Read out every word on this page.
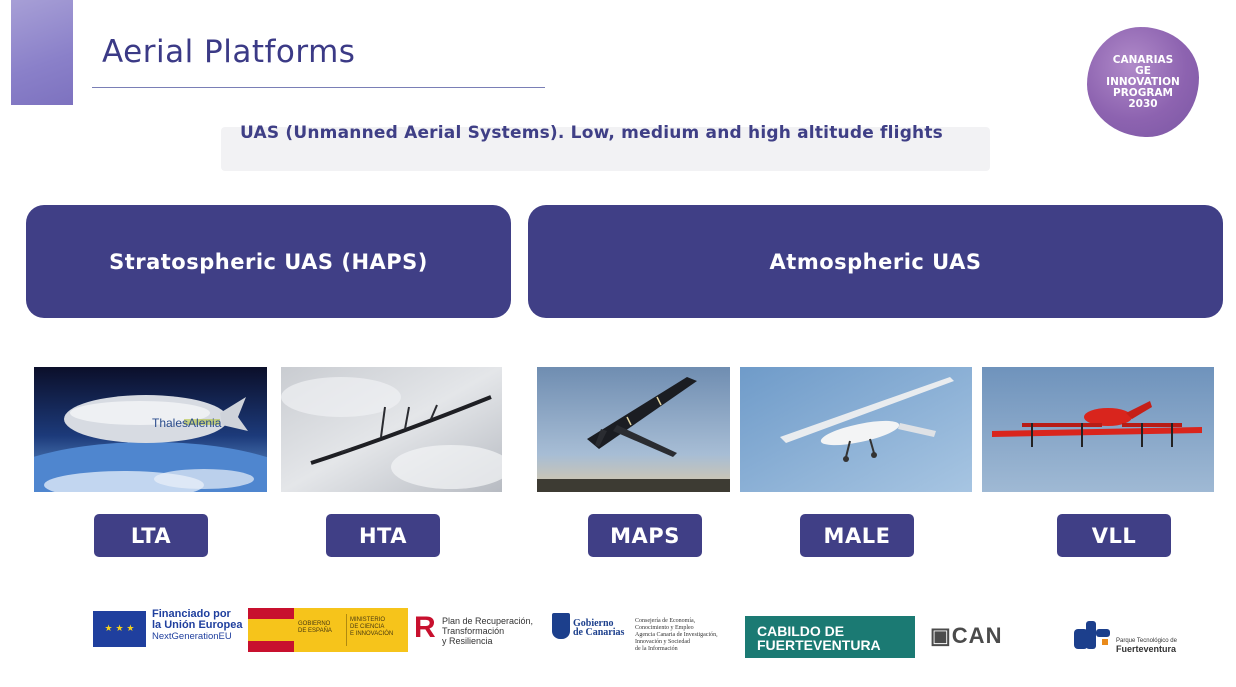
Aerial Platforms	CANARIAS
GE
INNOVATION
PROGRAM
2030
UAS (Unmanned Aerial Systems). Low, medium and high altitude flights
Stratospheric UAS (HAPS)	Atmospheric UAS
ThalesAlenia
LTA	HTA	MAPS	MALE	VLL
★ ★ ★
Financiado por
la Unión Europea
NextGenerationEU
GOBIERNO
DE ESPAÑA
MINISTERIO
DE CIENCIA
E INNOVACIÓN R Plan de Recuperación,
Transformación
y Resiliencia
Gobierno
de Canarias
Consejería de Economía,
Conocimiento y Empleo
Agencia Canaria de Investigación,
Innovación y Sociedad
de la Información
CABILDO DE
FUERTEVENTURA	▣CAN	Parque Tecnológico de
Fuerteventura
